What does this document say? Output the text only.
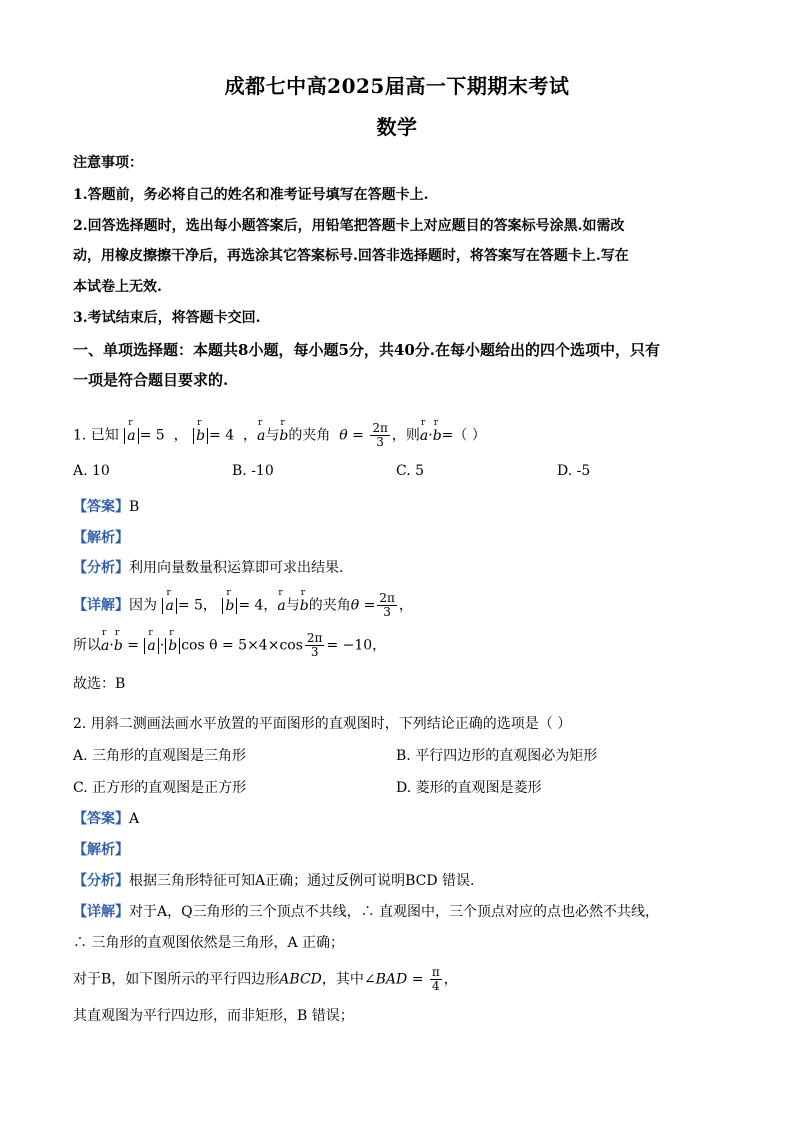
成都七中高2025届高一下期期末考试
数学
注意事项：
1.答题前，务必将自己的姓名和准考证号填写在答题卡上.
2.回答选择题时，选出每小题答案后，用铅笔把答题卡上对应题目的答案标号涂黑.如需改
动，用橡皮擦擦干净后，再选涂其它答案标号.回答非选择题时，将答案写在答题卡上.写在
本试卷上无效.
3.考试结束后，将答题卡交回.
一、单项选择题：本题共8小题，每小题5分，共40分.在每小题给出的四个选项中，只有
一项是符合题目要求的.
1. 已知 r a = 5  ， r b = 4  ，r a与r b的夹角 $\theta = \frac{2\pi}{3}$ ，则r a·r b=（ ）
A. 10	B. -10	C. 5	D. -5
【答案】B
【解析】
【分析】利用向量数量积运算即可求出结果.
【详解】因为 r a = 5， r b = 4，r a与r b的夹角$\theta = \frac{2\pi}{3}$ ，
所以r a·r b = r a · r b $\cos \theta = 5\times 4\times\cos \frac{2\pi}{3} = -10$，
故选：B
2. 用斜二测画法画水平放置的平面图形的直观图时，下列结论正确的选项是（ ）
A. 三角形的直观图是三角形	B. 平行四边形的直观图必为矩形
C. 正方形的直观图是正方形	D. 菱形的直观图是菱形
【答案】A
【解析】
【分析】根据三角形特征可知A正确；通过反例可说明BCD 错误.
【详解】对于A，Q三角形的三个顶点不共线，∴ 直观图中，三个顶点对应的点也必然不共线，
∴ 三角形的直观图依然是三角形，A 正确；
对于B，如下图所示的平行四边形ABCD，其中∠BAD = $\frac{\pi}{4}$ ，
其直观图为平行四边形，而非矩形，B 错误；
